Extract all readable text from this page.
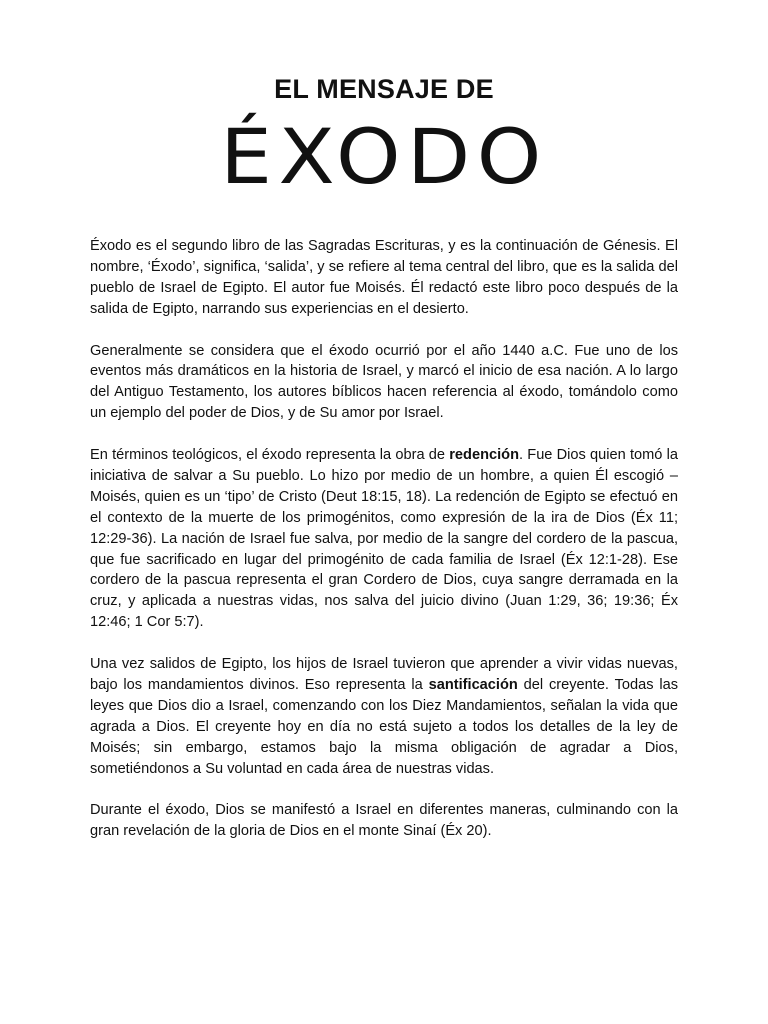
EL MENSAJE DE
ÉXODO

Éxodo es el segundo libro de las Sagradas Escrituras, y es la continuación de Génesis. El nombre, ‘Éxodo’, significa, ‘salida’, y se refiere al tema central del libro, que es la salida del pueblo de Israel de Egipto. El autor fue Moisés. Él redactó este libro poco después de la salida de Egipto, narrando sus experiencias en el desierto.

Generalmente se considera que el éxodo ocurrió por el año 1440 a.C. Fue uno de los eventos más dramáticos en la historia de Israel, y marcó el inicio de esa nación. A lo largo del Antiguo Testamento, los autores bíblicos hacen referencia al éxodo, tomándolo como un ejemplo del poder de Dios, y de Su amor por Israel.

En términos teológicos, el éxodo representa la obra de redención. Fue Dios quien tomó la iniciativa de salvar a Su pueblo. Lo hizo por medio de un hombre, a quien Él escogió – Moisés, quien es un ‘tipo’ de Cristo (Deut 18:15, 18). La redención de Egipto se efectuó en el contexto de la muerte de los primogénitos, como expresión de la ira de Dios (Éx 11; 12:29-36). La nación de Israel fue salva, por medio de la sangre del cordero de la pascua, que fue sacrificado en lugar del primogénito de cada familia de Israel (Éx 12:1-28). Ese cordero de la pascua representa el gran Cordero de Dios, cuya sangre derramada en la cruz, y aplicada a nuestras vidas, nos salva del juicio divino (Juan 1:29, 36; 19:36; Éx 12:46; 1 Cor 5:7).

Una vez salidos de Egipto, los hijos de Israel tuvieron que aprender a vivir vidas nuevas, bajo los mandamientos divinos. Eso representa la santificación del creyente. Todas las leyes que Dios dio a Israel, comenzando con los Diez Mandamientos, señalan la vida que agrada a Dios. El creyente hoy en día no está sujeto a todos los detalles de la ley de Moisés; sin embargo, estamos bajo la misma obligación de agradar a Dios, sometiéndonos a Su voluntad en cada área de nuestras vidas.

Durante el éxodo, Dios se manifestó a Israel en diferentes maneras, culminando con la gran revelación de la gloria de Dios en el monte Sinaí (Éx 20).
